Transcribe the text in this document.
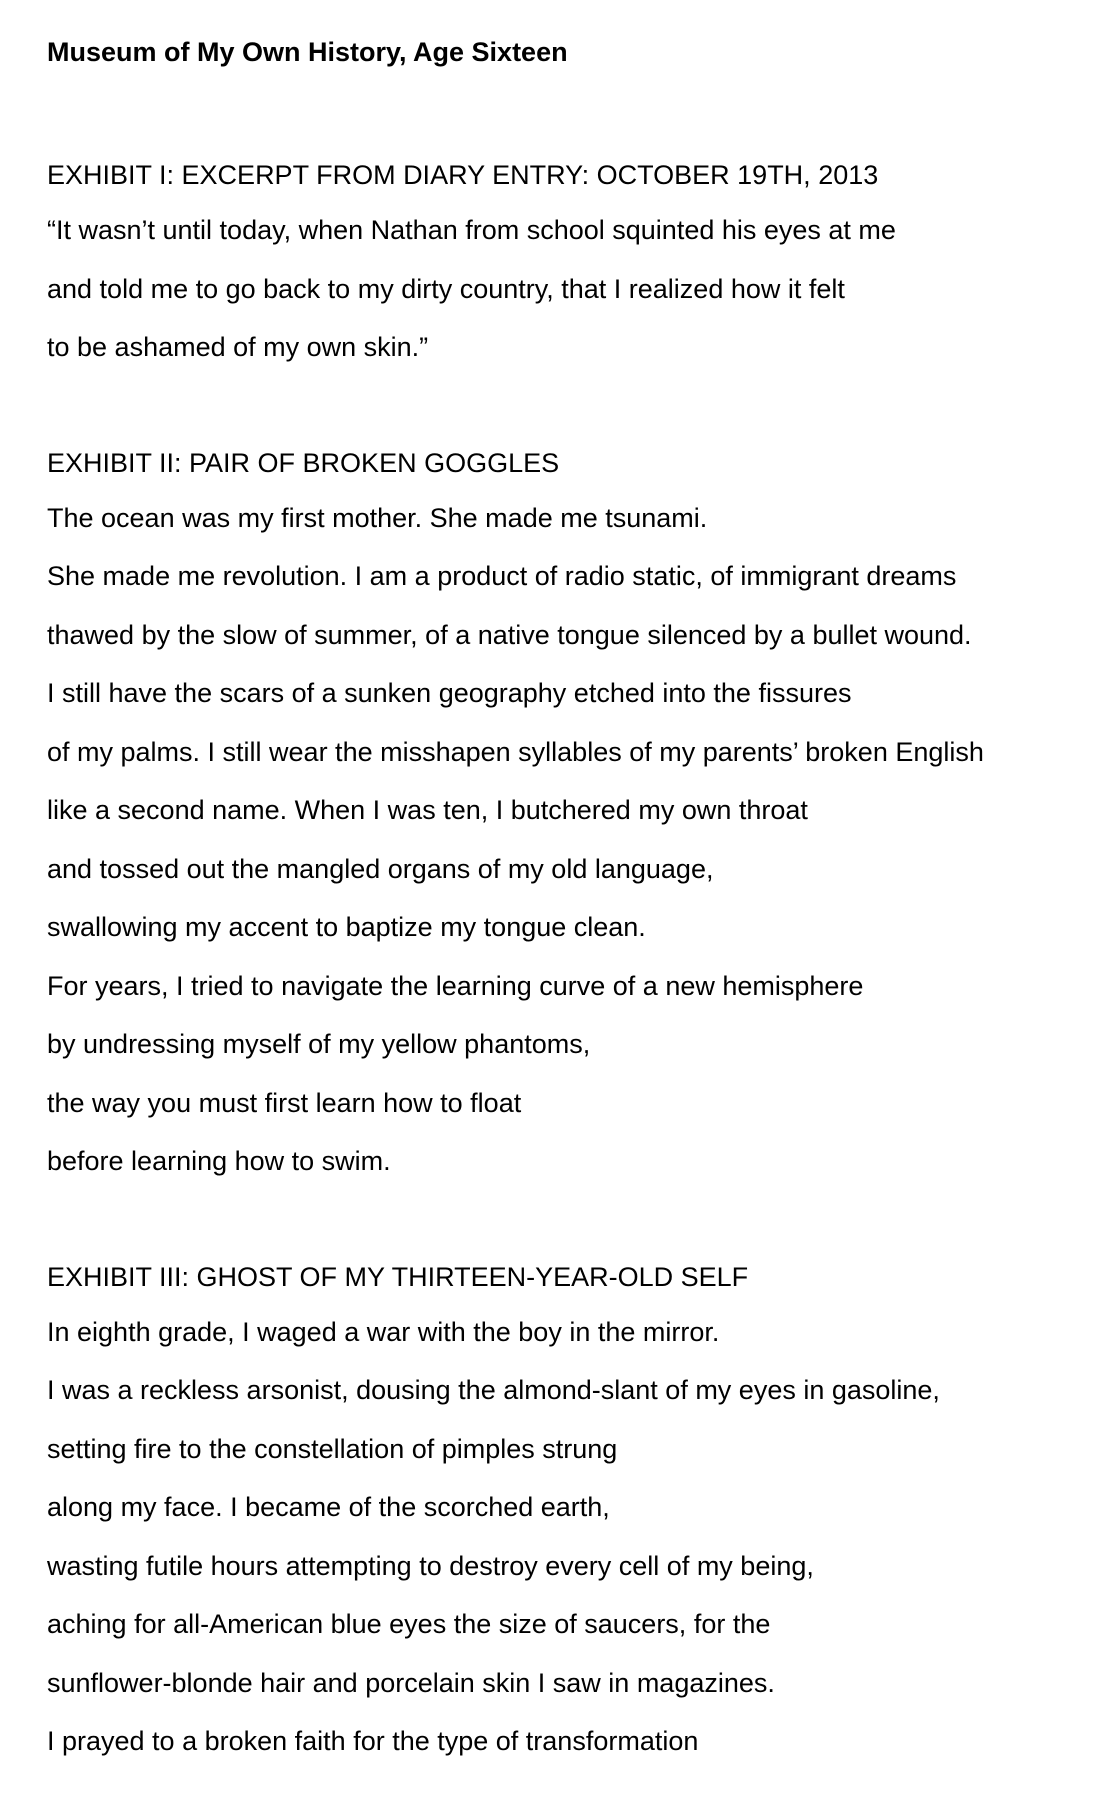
Museum of My Own History, Age Sixteen
EXHIBIT I: EXCERPT FROM DIARY ENTRY: OCTOBER 19TH, 2013

“It wasn’t until today, when Nathan from school squinted his eyes at me

and told me to go back to my dirty country, that I realized how it felt

to be ashamed of my own skin.”

EXHIBIT II: PAIR OF BROKEN GOGGLES

The ocean was my first mother. She made me tsunami.

She made me revolution. I am a product of radio static, of immigrant dreams

thawed by the slow of summer, of a native tongue silenced by a bullet wound.

I still have the scars of a sunken geography etched into the fissures

of my palms. I still wear the misshapen syllables of my parents’ broken English

like a second name. When I was ten, I butchered my own throat

and tossed out the mangled organs of my old language,

swallowing my accent to baptize my tongue clean.

For years, I tried to navigate the learning curve of a new hemisphere

by undressing myself of my yellow phantoms,

the way you must first learn how to float

before learning how to swim.

EXHIBIT III: GHOST OF MY THIRTEEN-YEAR-OLD SELF

In eighth grade, I waged a war with the boy in the mirror.

I was a reckless arsonist, dousing the almond-slant of my eyes in gasoline,

setting fire to the constellation of pimples strung

along my face. I became of the scorched earth,

wasting futile hours attempting to destroy every cell of my being,

aching for all-American blue eyes the size of saucers, for the

sunflower-blonde hair and porcelain skin I saw in magazines.

I prayed to a broken faith for the type of transformation
